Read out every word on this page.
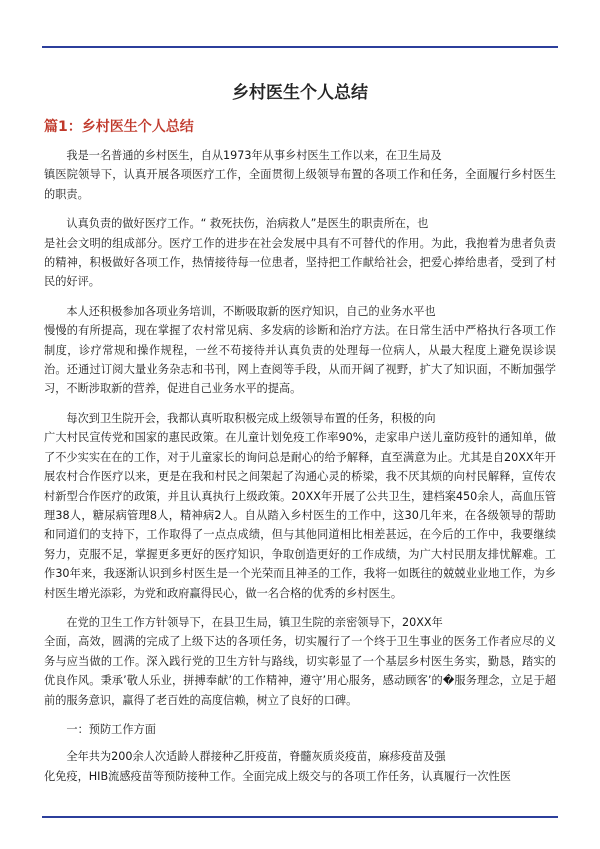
乡村医生个人总结
篇1：乡村医生个人总结

我是一名普通的乡村医生，自从1973年从事乡村医生工作以来，在卫生局及
镇医院领导下，认真开展各项医疗工作，全面贯彻上级领导布置的各项工作和任务，全面履行乡村医生的职责。

认真负责的做好医疗工作。“ 救死扶伤，治病救人”是医生的职责所在，也
是社会文明的组成部分。医疗工作的进步在社会发展中具有不可替代的作用。为此，我抱着为患者负责的精神，积极做好各项工作，热情接待每一位患者，坚持把工作献给社会，把爱心捧给患者，受到了村民的好评。

本人还积极参加各项业务培训，不断吸取新的医疗知识，自己的业务水平也
慢慢的有所提高，现在掌握了农村常见病、多发病的诊断和治疗方法。在日常生活中严格执行各项工作制度，诊疗常规和操作规程，一丝不苟接待并认真负责的处理每一位病人，从最大程度上避免误诊误治。还通过订阅大量业务杂志和书刊，网上查阅等手段，从而开阔了视野，扩大了知识面，不断加强学习，不断涉取新的营养，促进自己业务水平的提高。

每次到卫生院开会，我都认真听取积极完成上级领导布置的任务，积极的向
广大村民宣传党和国家的惠民政策。在儿童计划免疫工作率90%，走家串户送儿童防疫针的通知单，做了不少实实在在的工作，对于儿童家长的询问总是耐心的给予解释，直至满意为止。尤其是自20XX年开展农村合作医疗以来，更是在我和村民之间架起了沟通心灵的桥梁，我不厌其烦的向村民解释，宣传农村新型合作医疗的政策，并且认真执行上级政策。20XX年开展了公共卫生，建档案450余人，高血压管理38人，糖尿病管理8人，精神病2人。自从踏入乡村医生的工作中，这30几年来，在各级领导的帮助和同道们的支持下，工作取得了一点点成绩，但与其他同道相比相差甚远，在今后的工作中，我要继续努力，克服不足，掌握更多更好的医疗知识，争取创造更好的工作成绩，为广大村民朋友排忧解难。工作30年来，我逐渐认识到乡村医生是一个光荣而且神圣的工作，我将一如既往的兢兢业业地工作，为乡村医生增光添彩，为党和政府赢得民心，做一名合格的优秀的乡村医生。

在党的卫生工作方针领导下，在县卫生局，镇卫生院的亲密领导下，20XX年
全面，高效，圆满的完成了上级下达的各项任务，切实履行了一个终于卫生事业的医务工作者应尽的义务与应当做的工作。深入践行党的卫生方针与路线，切实彰显了一个基层乡村医生务实，勤恳，踏实的优良作风。秉承’敬人乐业，拼搏奉献’的工作精神，遵守’用心服务，感动顾客’的�服务理念，立足于超前的服务意识，赢得了老百姓的高度信赖，树立了良好的口碑。

一：预防工作方面

全年共为200余人次适龄人群接种乙肝疫苗，脊髓灰质炎疫苗，麻疹疫苗及强
化免疫，HIB流感疫苗等预防接种工作。全面完成上级交与的各项工作任务，认真履行一次性医
